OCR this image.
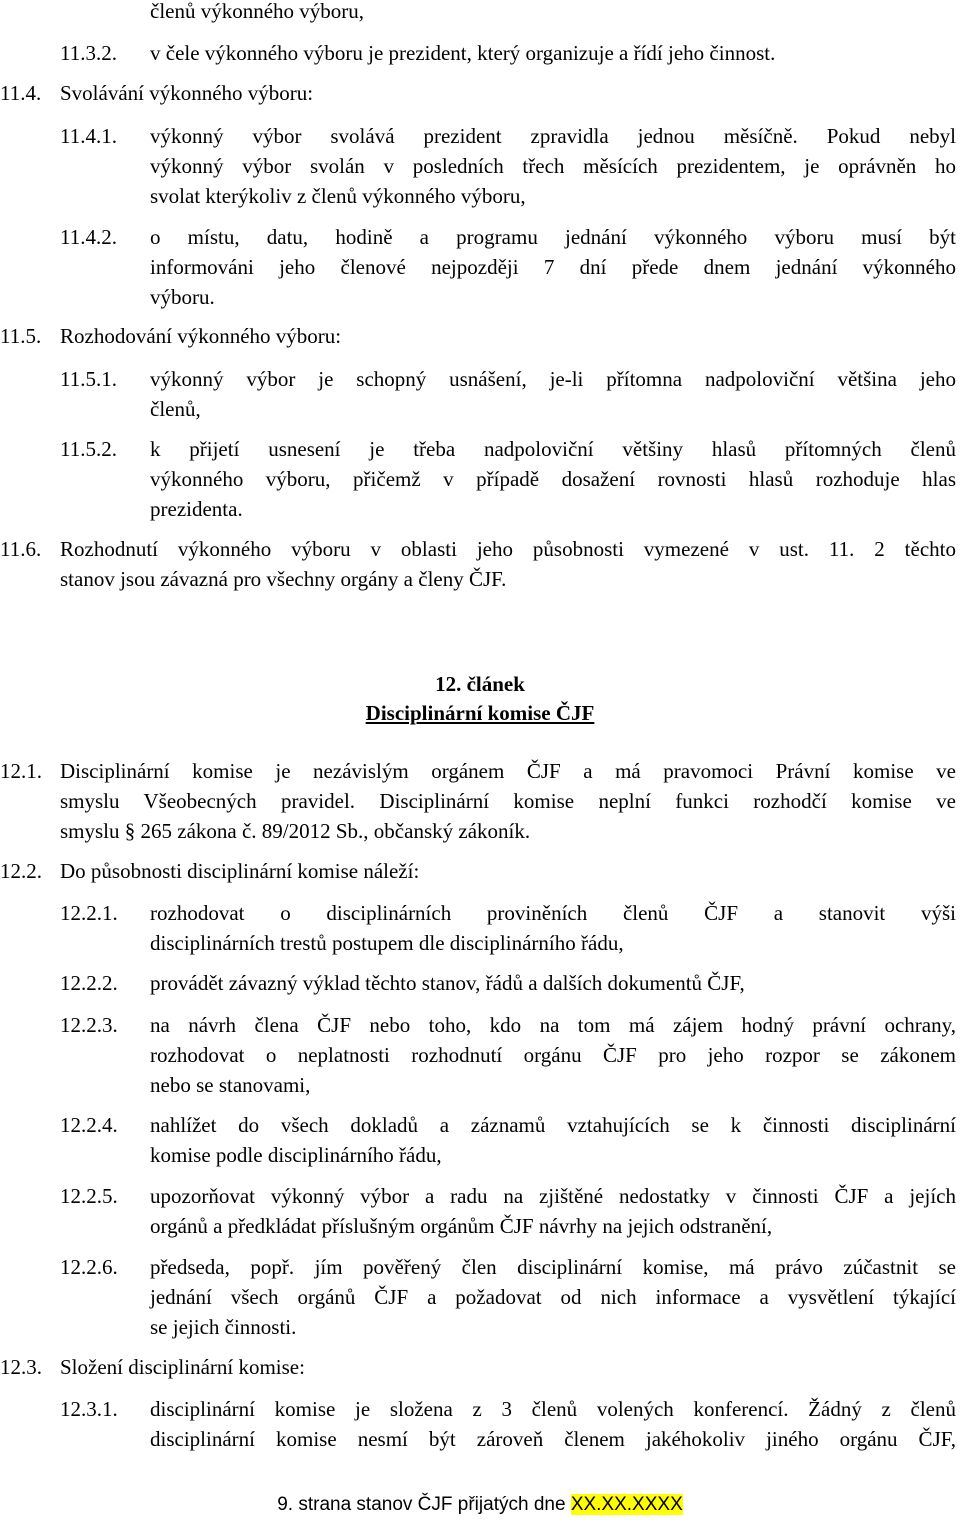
členů výkonného výboru,
11.3.2. v čele výkonného výboru je prezident, který organizuje a řídí jeho činnost.
11.4. Svolávání výkonného výboru:
11.4.1. výkonný výbor svolává prezident zpravidla jednou měsíčně. Pokud nebyl
výkonný výbor svolán v posledních třech měsících prezidentem, je oprávněn ho
svolat kterýkoliv z členů výkonného výboru,
11.4.2. o místu, datu, hodině a programu jednání výkonného výboru musí být
informováni jeho členové nejpozději 7 dní přede dnem jednání výkonného
výboru.
11.5. Rozhodování výkonného výboru:
11.5.1. výkonný výbor je schopný usnášení, je-li přítomna nadpoloviční většina jeho
členů,
11.5.2. k přijetí usnesení je třeba nadpoloviční většiny hlasů přítomných členů
výkonného výboru, přičemž v případě dosažení rovnosti hlasů rozhoduje hlas
prezidenta.
11.6. Rozhodnutí výkonného výboru v oblasti jeho působnosti vymezené v ust. 11. 2 těchto
stanov jsou závazná pro všechny orgány a členy ČJF.
12. článek
Disciplinární komise ČJF
12.1. Disciplinární komise je nezávislým orgánem ČJF a má pravomoci Právní komise ve
smyslu Všeobecných pravidel. Disciplinární komise neplní funkci rozhodčí komise ve
smyslu § 265 zákona č. 89/2012 Sb., občanský zákoník.
12.2. Do působnosti disciplinární komise náleží:
12.2.1. rozhodovat o disciplinárních proviněních členů ČJF a stanovit výši
disciplinárních trestů postupem dle disciplinárního řádu,
12.2.2. provádět závazný výklad těchto stanov, řádů a dalších dokumentů ČJF,
12.2.3. na návrh člena ČJF nebo toho, kdo na tom má zájem hodný právní ochrany,
rozhodovat o neplatnosti rozhodnutí orgánu ČJF pro jeho rozpor se zákonem
nebo se stanovami,
12.2.4. nahlížet do všech dokladů a záznamů vztahujících se k činnosti disciplinární
komise podle disciplinárního řádu,
12.2.5. upozorňovat výkonný výbor a radu na zjištěné nedostatky v činnosti ČJF a jejích
orgánů a předkládat příslušným orgánům ČJF návrhy na jejich odstranění,
12.2.6. předseda, popř. jím pověřený člen disciplinární komise, má právo zúčastnit se
jednání všech orgánů ČJF a požadovat od nich informace a vysvětlení týkající
se jejich činnosti.
12.3. Složení disciplinární komise:
12.3.1. disciplinární komise je složena z 3 členů volených konferencí. Žádný z členů
disciplinární komise nesmí být zároveň členem jakéhokoliv jiného orgánu ČJF,
9. strana stanov ČJF přijatých dne XX.XX.XXXX
